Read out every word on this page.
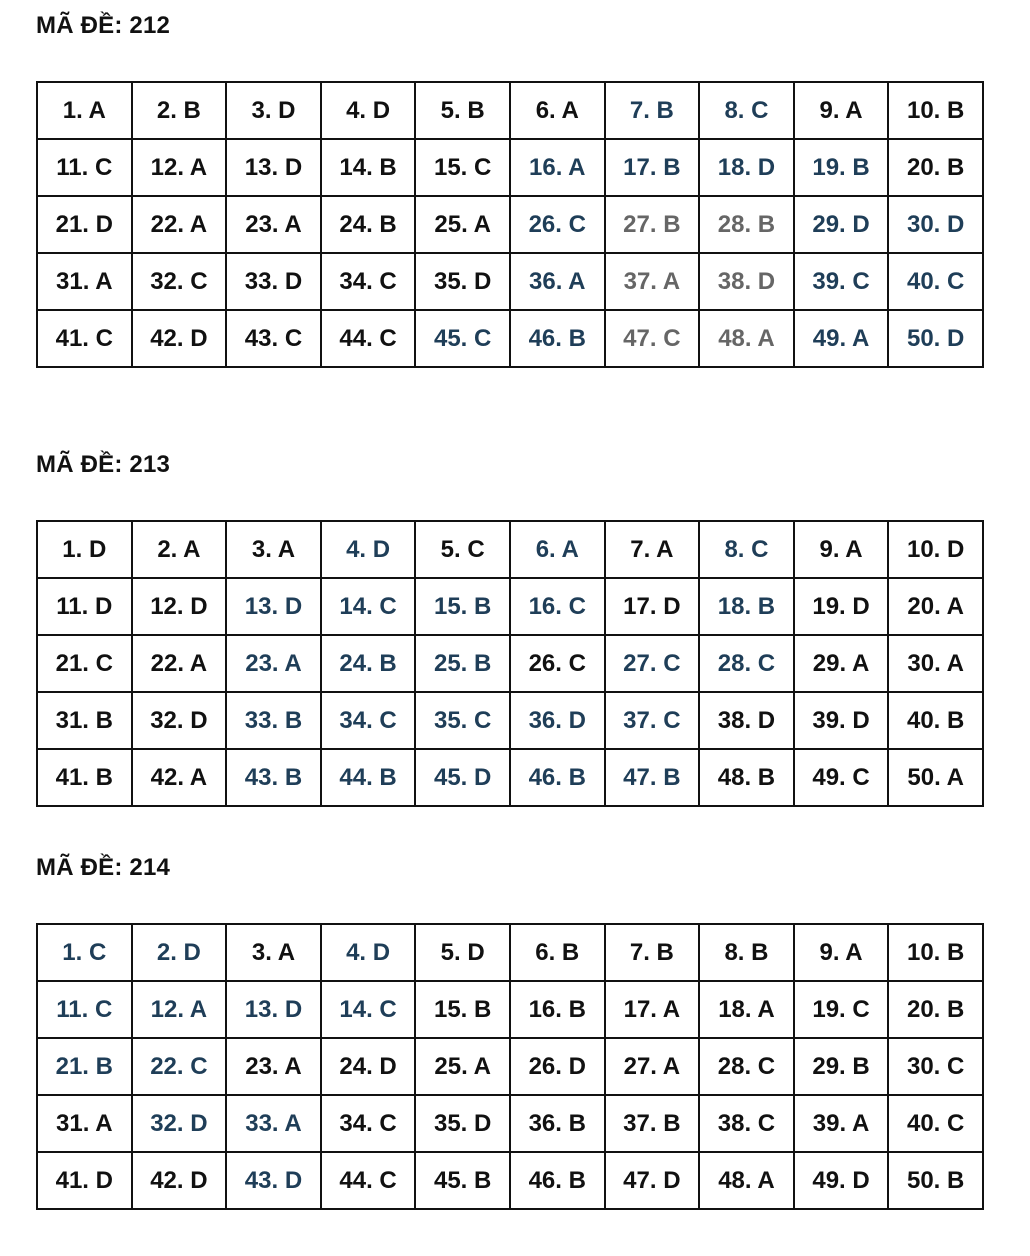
MÃ ĐỀ: 212
1. A	2. B	3. D	4. D	5. B	6. A	7. B	8. C	9. A	10. B
11. C	12. A	13. D	14. B	15. C	16. A	17. B	18. D	19. B	20. B
21. D	22. A	23. A	24. B	25. A	26. C	27. B	28. B	29. D	30. D
31. A	32. C	33. D	34. C	35. D	36. A	37. A	38. D	39. C	40. C
41. C	42. D	43. C	44. C	45. C	46. B	47. C	48. A	49. A	50. D
MÃ ĐỀ: 213
1. D	2. A	3. A	4. D	5. C	6. A	7. A	8. C	9. A	10. D
11. D	12. D	13. D	14. C	15. B	16. C	17. D	18. B	19. D	20. A
21. C	22. A	23. A	24. B	25. B	26. C	27. C	28. C	29. A	30. A
31. B	32. D	33. B	34. C	35. C	36. D	37. C	38. D	39. D	40. B
41. B	42. A	43. B	44. B	45. D	46. B	47. B	48. B	49. C	50. A
MÃ ĐỀ: 214
1. C	2. D	3. A	4. D	5. D	6. B	7. B	8. B	9. A	10. B
11. C	12. A	13. D	14. C	15. B	16. B	17. A	18. A	19. C	20. B
21. B	22. C	23. A	24. D	25. A	26. D	27. A	28. C	29. B	30. C
31. A	32. D	33. A	34. C	35. D	36. B	37. B	38. C	39. A	40. C
41. D	42. D	43. D	44. C	45. B	46. B	47. D	48. A	49. D	50. B
